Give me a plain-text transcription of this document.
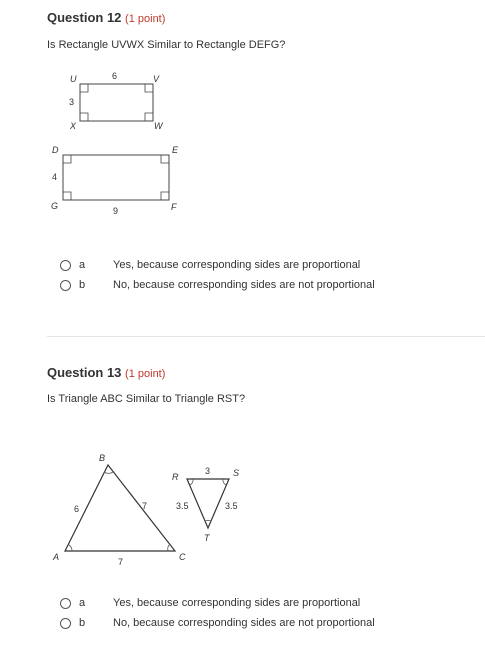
Question 12 (1 point)
Is Rectangle UVWX Similar to Rectangle DEFG?
U	V
W
X
6
3
D	E
F
G
4
9
a	Yes, because corresponding sides are proportional
b	No, because corresponding sides are not proportional
Question 13 (1 point)
Is Triangle ABC Similar to Triangle RST?
B
A	C
6	7
7
R	S
T
3
3.5	3.5
a	Yes, because corresponding sides are proportional
b	No, because corresponding sides are not proportional
